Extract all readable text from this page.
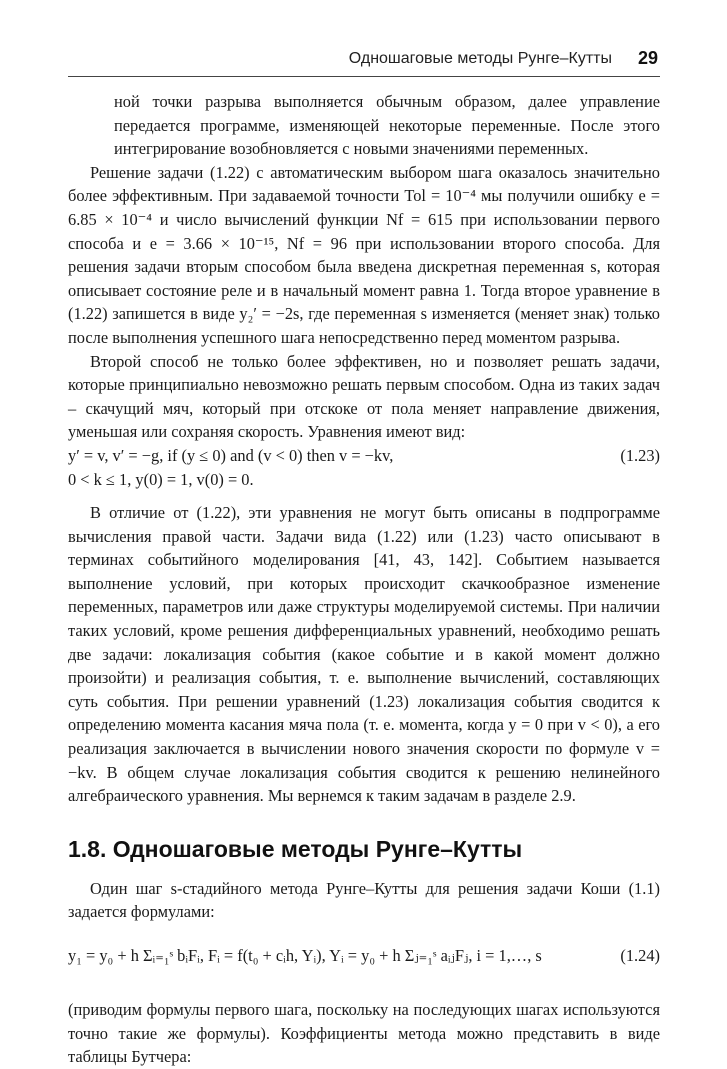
Одношаговые методы Рунге–Кутты 29

ной точки разрыва выполняется обычным образом, далее управление передается программе, изменяющей некоторые переменные. После этого интегрирование возобновляется с новыми значениями переменных.

Решение задачи (1.22) с автоматическим выбором шага оказалось значительно более эффективным. При задаваемой точности Tol = 10⁻⁴ мы получили ошибку e = 6.85 × 10⁻⁴ и число вычислений функции Nf = 615 при использовании первого способа и e = 3.66 × 10⁻¹⁵, Nf = 96 при использовании второго способа. Для решения задачи вторым способом была введена дискретная переменная s, которая описывает состояние реле и в начальный момент равна 1. Тогда второе уравнение в (1.22) запишется в виде y₂′ = −2s, где переменная s изменяется (меняет знак) только после выполнения успешного шага непосредственно перед моментом разрыва.

Второй способ не только более эффективен, но и позволяет решать задачи, которые принципиально невозможно решать первым способом. Одна из таких задач – скачущий мяч, который при отскоке от пола меняет направление движения, уменьшая или сохраняя скорость. Уравнения имеют вид:

y′ = v, v′ = −g, if (y ≤ 0) and (v < 0) then v = −kv,	(1.23)
0 < k ≤ 1, y(0) = 1, v(0) = 0.

В отличие от (1.22), эти уравнения не могут быть описаны в подпрограмме вычисления правой части. Задачи вида (1.22) или (1.23) часто описывают в терминах событийного моделирования [41, 43, 142]. Событием называется выполнение условий, при которых происходит скачкообразное изменение переменных, параметров или даже структуры моделируемой системы. При наличии таких условий, кроме решения дифференциальных уравнений, необходимо решать две задачи: локализация события (какое событие и в какой момент должно произойти) и реализация события, т. е. выполнение вычислений, составляющих суть события. При решении уравнений (1.23) локализация события сводится к определению момента касания мяча пола (т. е. момента, когда y = 0 при v < 0), а его реализация заключается в вычислении нового значения скорости по формуле v = −kv. В общем случае локализация события сводится к решению нелинейного алгебраического уравнения. Мы вернемся к таким задачам в разделе 2.9.

1.8. Одношаговые методы Рунге–Кутты

Один шаг s-стадийного метода Рунге–Кутты для решения задачи Коши (1.1) задается формулами:

y₁ = y₀ + h Σᵢ₌₁ˢ bᵢFᵢ, Fᵢ = f(t₀ + cᵢh, Yᵢ), Yᵢ = y₀ + h Σⱼ₌₁ˢ aᵢⱼFⱼ, i = 1,…, s	(1.24)

(приводим формулы первого шага, поскольку на последующих шагах используются точно такие же формулы). Коэффициенты метода можно представить в виде таблицы Бутчера:
